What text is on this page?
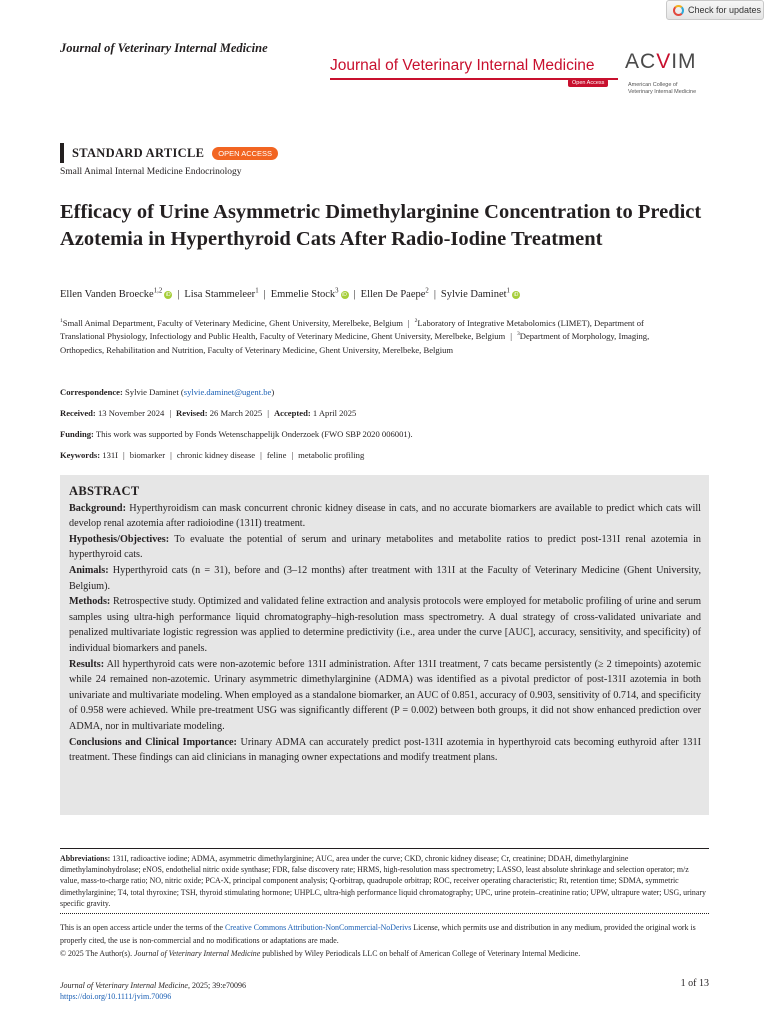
Check for updates
Journal of Veterinary Internal Medicine
Journal of Veterinary Internal Medicine
Open Access
ACVIM
American College of
Veterinary Internal Medicine
STANDARD ARTICLE	OPEN ACCESS
Small Animal Internal Medicine Endocrinology
Efficacy of Urine Asymmetric Dimethylarginine Concentration to Predict Azotemia in Hyperthyroid Cats After Radio-Iodine Treatment
Ellen Vanden Broecke$^{1,2}$iD | Lisa Stammeleer$^1$ | Emmelie Stock$^3$iD | Ellen De Paepe$^2$ | Sylvie Daminet$^1$iD
$^1$Small Animal Department, Faculty of Veterinary Medicine, Ghent University, Merelbeke, Belgium | $^2$Laboratory of Integrative Metabolomics (LIMET), Department of Translational Physiology, Infectiology and Public Health, Faculty of Veterinary Medicine, Ghent University, Merelbeke, Belgium | $^3$Department of Morphology, Imaging, Orthopedics, Rehabilitation and Nutrition, Faculty of Veterinary Medicine, Ghent University, Merelbeke, Belgium
Correspondence: Sylvie Daminet (sylvie.daminet@ugent.be)
Received: 13 November 2024 | Revised: 26 March 2025 | Accepted: 1 April 2025
Funding: This work was supported by Fonds Wetenschappelijk Onderzoek (FWO SBP 2020 006001).
Keywords: 131I | biomarker | chronic kidney disease | feline | metabolic profiling
ABSTRACT

Background: Hyperthyroidism can mask concurrent chronic kidney disease in cats, and no accurate biomarkers are available to predict which cats will develop renal azotemia after radioiodine (131I) treatment.

Hypothesis/Objectives: To evaluate the potential of serum and urinary metabolites and metabolite ratios to predict post-131I renal azotemia in hyperthyroid cats.

Animals: Hyperthyroid cats (n = 31), before and (3–12 months) after treatment with 131I at the Faculty of Veterinary Medicine (Ghent University, Belgium).

Methods: Retrospective study. Optimized and validated feline extraction and analysis protocols were employed for metabolic profiling of urine and serum samples using ultra-high performance liquid chromatography–high-resolution mass spectrometry. A dual strategy of cross-validated univariate and penalized multivariate logistic regression was applied to determine predictivity (i.e., area under the curve [AUC], accuracy, sensitivity, and specificity) of individual biomarkers and panels.

Results: All hyperthyroid cats were non-azotemic before 131I administration. After 131I treatment, 7 cats became persistently (≥ 2 timepoints) azotemic while 24 remained non-azotemic. Urinary asymmetric dimethylarginine (ADMA) was identified as a pivotal predictor of post-131I azotemia in both univariate and multivariate modeling. When employed as a standalone biomarker, an AUC of 0.851, accuracy of 0.903, sensitivity of 0.714, and specificity of 0.958 were achieved. While pre-treatment USG was significantly different (P = 0.002) between both groups, it did not show enhanced prediction over ADMA, nor in multivariate modeling.

Conclusions and Clinical Importance: Urinary ADMA can accurately predict post-131I azotemia in hyperthyroid cats becoming euthyroid after 131I treatment. These findings can aid clinicians in managing owner expectations and modify treatment plans.

Abbreviations: 131I, radioactive iodine; ADMA, asymmetric dimethylarginine; AUC, area under the curve; CKD, chronic kidney disease; Cr, creatinine; DDAH, dimethylarginine dimethylaminohydrolase; eNOS, endothelial nitric oxide synthase; FDR, false discovery rate; HRMS, high-resolution mass spectrometry; LASSO, least absolute shrinkage and selection operator; m/z value, mass-to-charge ratio; NO, nitric oxide; PCA-X, principal component analysis; Q-orbitrap, quadrupole orbitrap; ROC, receiver operating characteristic; Rt, retention time; SDMA, symmetric dimethylarginine; T4, total thyroxine; TSH, thyroid stimulating hormone; UHPLC, ultra-high performance liquid chromatography; UPC, urine protein–creatinine ratio; UPW, ultrapure water; USG, urinary specific gravity.
This is an open access article under the terms of the Creative Commons Attribution-NonCommercial-NoDerivs License, which permits use and distribution in any medium, provided the original work is properly cited, the use is non-commercial and no modifications or adaptations are made.
© 2025 The Author(s). Journal of Veterinary Internal Medicine published by Wiley Periodicals LLC on behalf of American College of Veterinary Internal Medicine.
Journal of Veterinary Internal Medicine, 2025; 39:e70096
https://doi.org/10.1111/jvim.70096
1 of 13
